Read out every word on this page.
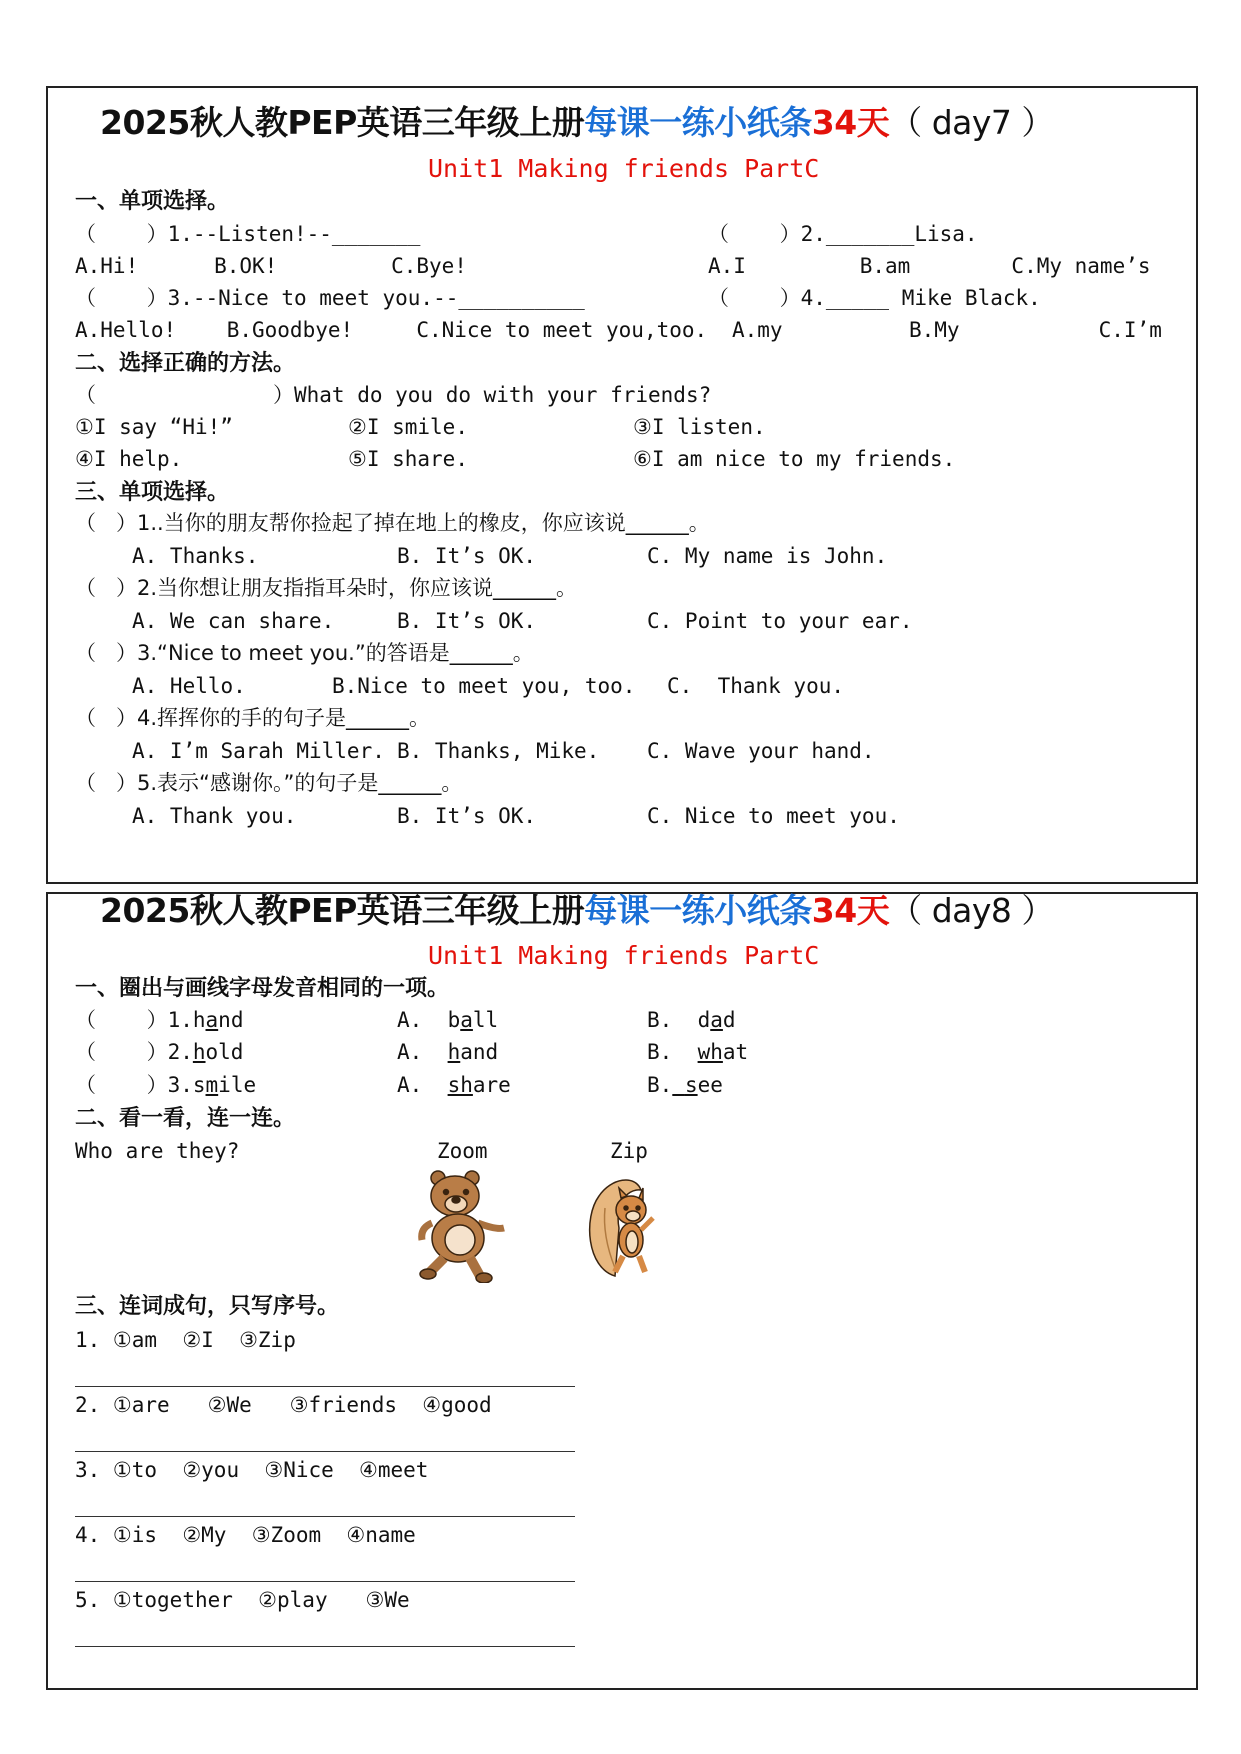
2025秋人教PEP英语三年级上册每课一练小纸条34天（ day7 ）
Unit1 Making friends PartC
一、单项选择。
（    ）1.--Listen!--_______	（    ）2._______Lisa.
A.Hi!      B.OK!         C.Bye!	A.I         B.am        C.My name’s
（    ）3.--Nice to meet you.--__________	（    ）4._____ Mike Black.
A.Hello!    B.Goodbye!     C.Nice to meet you,too. A.my          B.My           C.I’m
二、选择正确的方法。
（              ）What do you do with your friends?
①I say “Hi!”	②I smile.	③I listen.
④I help.	⑤I share.	⑥I am nice to my friends.
三、单项选择。
（   ）1..当你的朋友帮你捡起了掉在地上的橡皮，你应该说______。
A. Thanks.	B. It’s OK.	C. My name is John.
（   ）2.当你想让朋友指指耳朵时，你应该说______。
A. We can share.	B. It’s OK.	C. Point to your ear.
（   ）3.“Nice to meet you.”的答语是______。
A. Hello.	B.Nice to meet you, too. C.  Thank you.
（   ）4.挥挥你的手的句子是______。
A. I’m Sarah Miller. B. Thanks, Mike. C. Wave your hand.
（   ）5.表示“感谢你。”的句子是______。
A. Thank you.	B. It’s OK.	C. Nice to meet you.
2025秋人教PEP英语三年级上册每课一练小纸条34天（ day8 ）
Unit1 Making friends PartC
一、圈出与画线字母发音相同的一项。
（    ）1.hand	A. ball	B. dad
（    ）2.hold	A. hand	B. what
（    ）3.smile	A. share	B. see
二、看一看，连一连。
Who are they?	Zoom	Zip
三、连词成句，只写序号。
1. ①am  ②I  ③Zip
2. ①are   ②We   ③friends  ④good
3. ①to  ②you  ③Nice  ④meet
4. ①is  ②My  ③Zoom  ④name
5. ①together  ②play   ③We
